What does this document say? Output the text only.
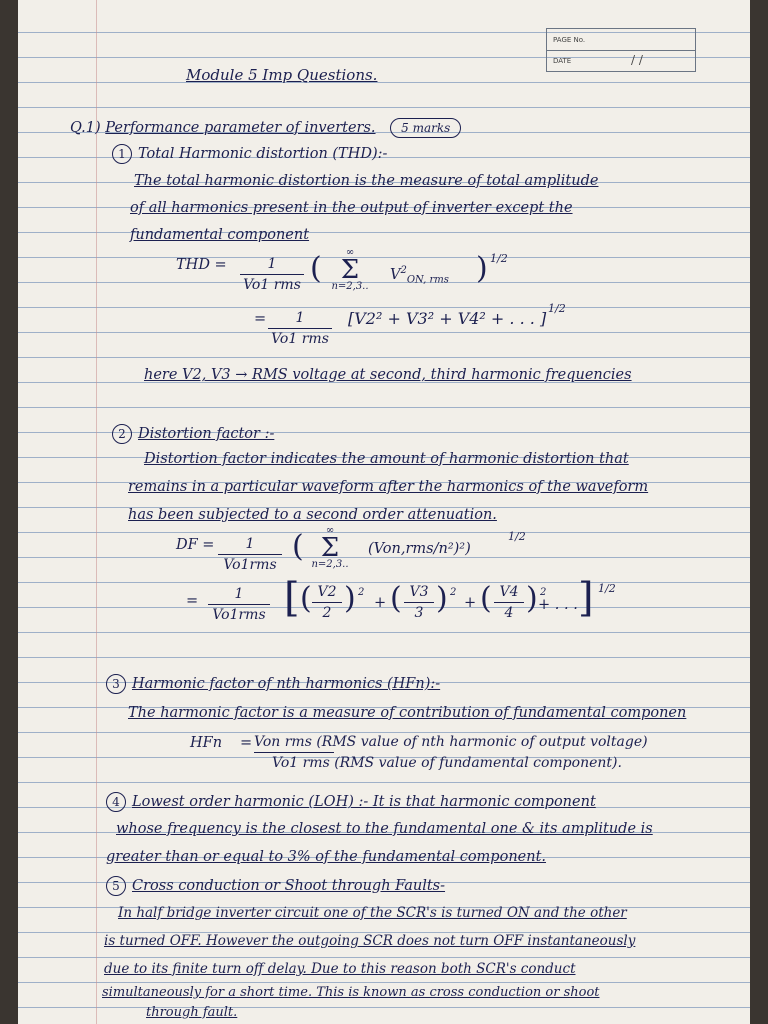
PAGE No.
DATE	/ /
Module 5 Imp Questions.
Q.1) Performance parameter of inverters. 5 marks
1 Total Harmonic distortion (THD):-
The total harmonic distortion is the measure of total amplitude
of all harmonics present in the output of inverter except the
fundamental component
THD =	1
Vo1 rms (	∞
Σ
n=2,3..
$V^2_{ON, rms}$ ) 1/2
=	1
Vo1 rms
[V2² + V3² + V4² + . . . ]
1/2
here V2, V3 → RMS voltage at second, third harmonic frequencies
2 Distortion factor :-
Distortion factor indicates the amount of harmonic distortion that
remains in a particular waveform after the harmonics of the waveform
has been subjected to a second order attenuation.
DF =	1
Vo1rms
(	∞
Σ
n=2,3..
(Von,rms/n²)²)
1/2
=	1
Vo1rms [ ( V2
2 ) 2
+ ( V3
3 ) 2
+ ( V4
4 ) 2
+ . . . ] 1/2
3 Harmonic factor of nth harmonics (HFn):-
The harmonic factor is a measure of contribution of fundamental componen
HFn = Von rms (RMS value of nth harmonic of output voltage)
Vo1 rms (RMS value of fundamental component).
4 Lowest order harmonic (LOH) :- It is that harmonic component
whose frequency is the closest to the fundamental one & its amplitude is
greater than or equal to 3% of the fundamental component.
5 Cross conduction or Shoot through Faults-
In half bridge inverter circuit one of the SCR's is turned ON and the other
is turned OFF. However the outgoing SCR does not turn OFF instantaneously
due to its finite turn off delay. Due to this reason both SCR's conduct
simultaneously for a short time. This is known as cross conduction or shoot
through fault.
